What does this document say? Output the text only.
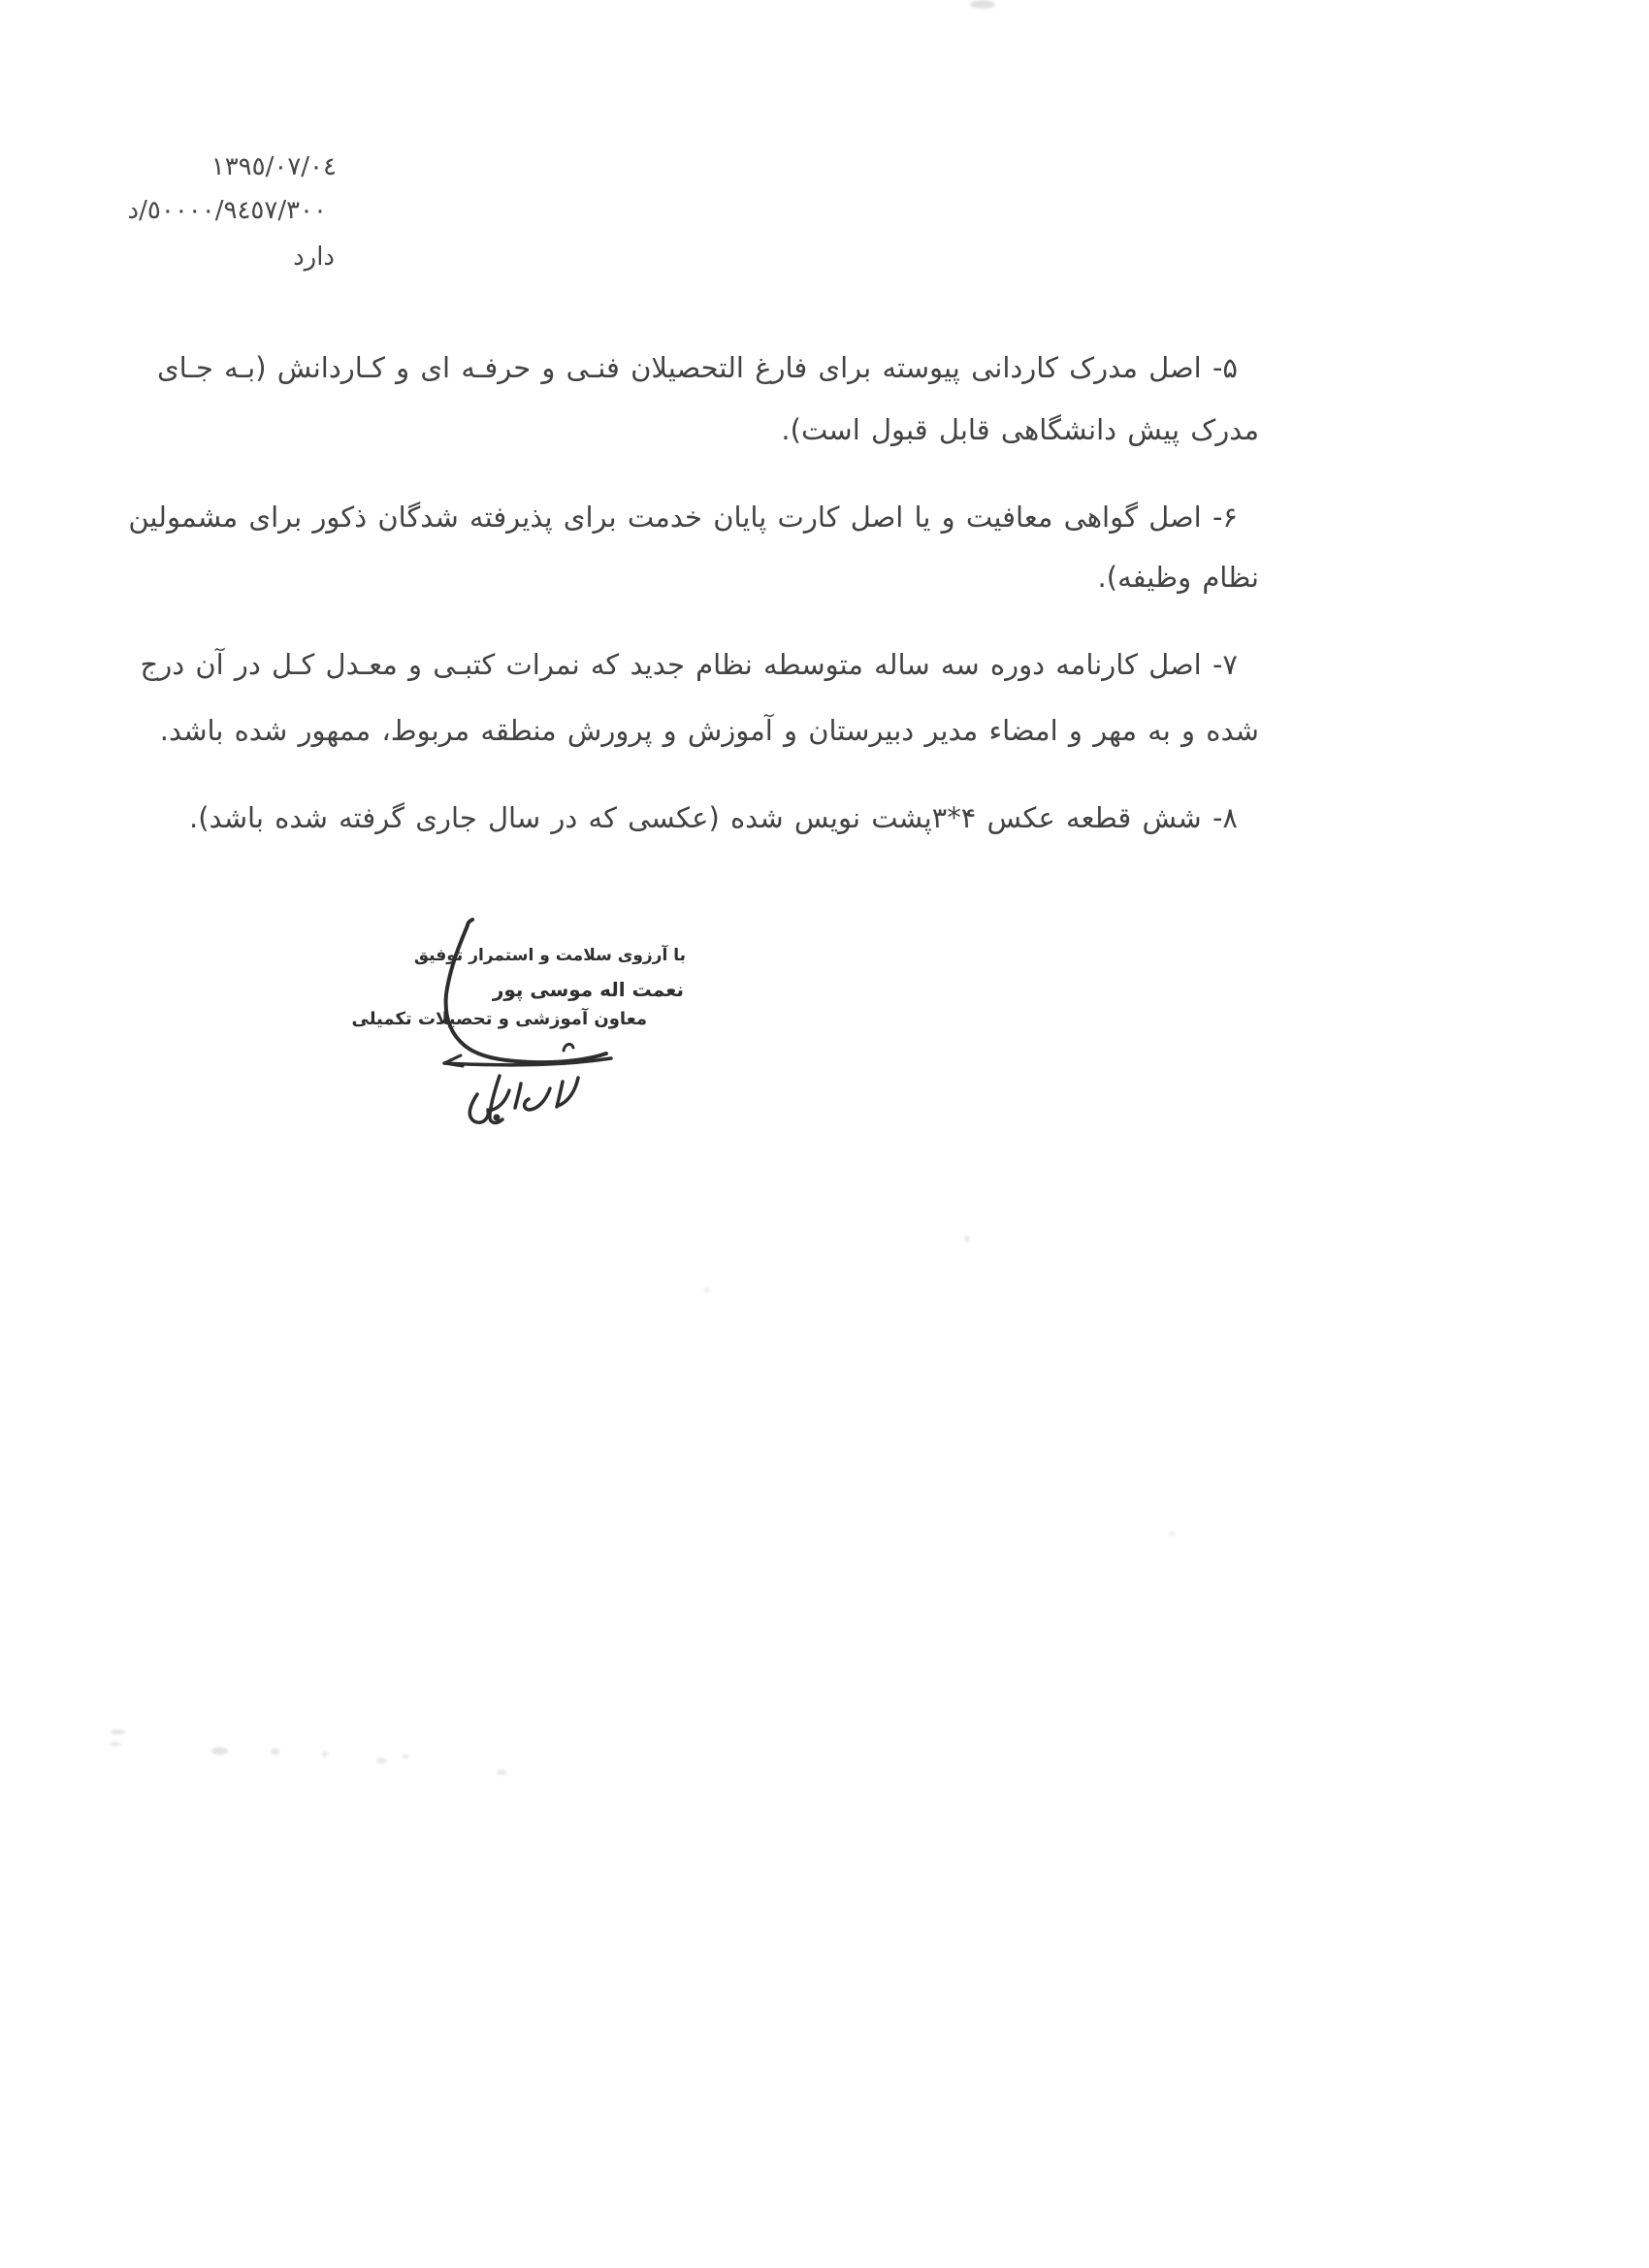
١٣٩٥/٠٧/٠٤
٥٠٠٠٠/٩٤٥٧/٣٠٠/د
دارد
۵- اصل مدرک کاردانی پیوسته برای فارغ التحصیلان فنـی و حرفـه ای و کـاردانش (بـه جـای
مدرک پیش دانشگاهی قابل قبول است).
۶- اصل گواهی معافیت و یا اصل کارت پایان خدمت برای پذیرفته شدگان ذکور برای مشمولین
نظام وظیفه).
۷- اصل کارنامه دوره سه ساله متوسطه نظام جدید که نمرات کتبـی و معـدل کـل در آن درج
شده و به مهر و امضاء مدیر دبیرستان و آموزش و پرورش منطقه مربوط، ممهور شده باشد.
۸- شش قطعه عکس ۴*۳پشت نویس شده (عکسی که در سال جاری گرفته شده باشد).
با آرزوی سلامت و استمرار توفیق
نعمت اله موسی پور
معاون آموزشی و تحصیلات تکمیلی
